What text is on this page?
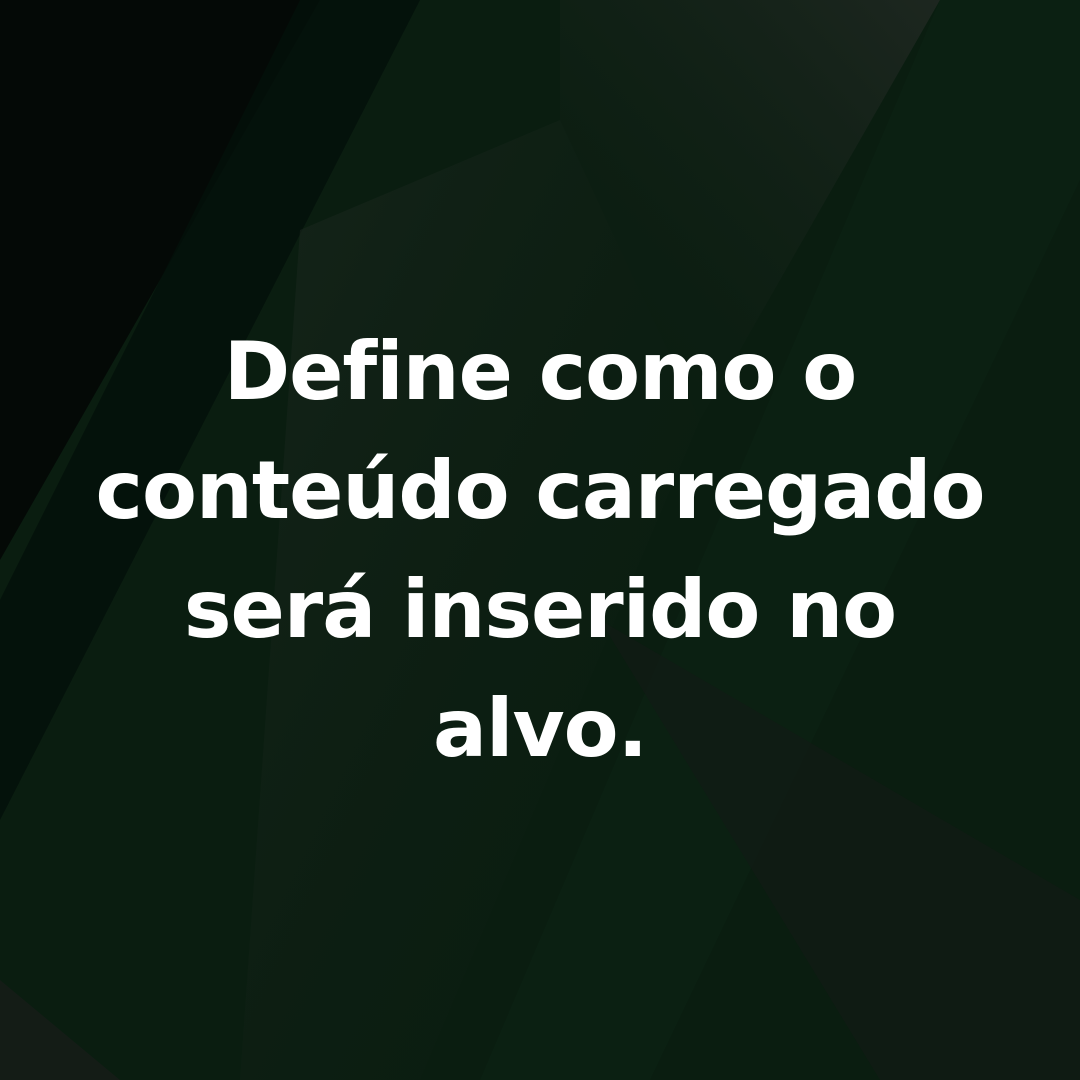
Define como o
conteúdo carregado
será inserido no
alvo.
